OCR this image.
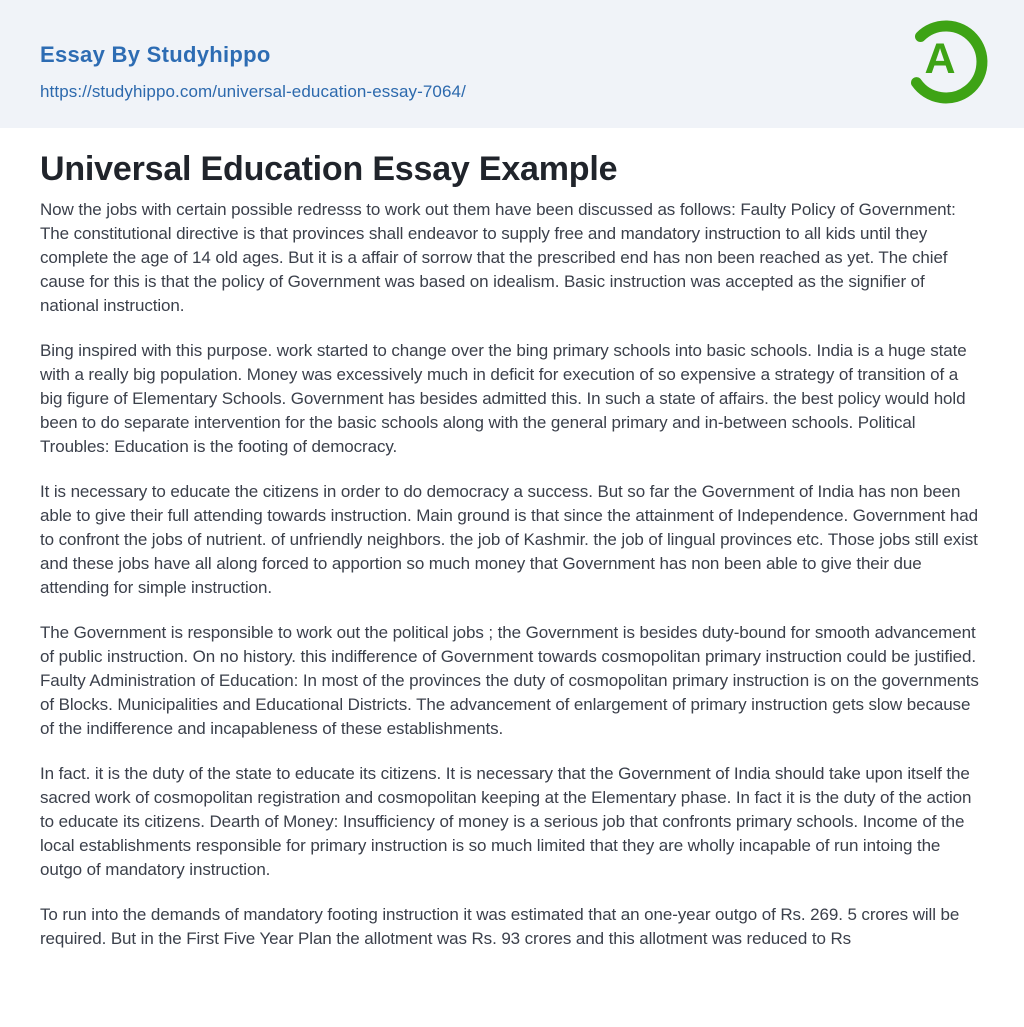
Essay By Studyhippo
https://studyhippo.com/universal-education-essay-7064/
A
Universal Education Essay Example

Now the jobs with certain possible redresss to work out them have been discussed as follows: Faulty Policy of Government: The constitutional directive is that provinces shall endeavor to supply free and mandatory instruction to all kids until they complete the age of 14 old ages. But it is a affair of sorrow that the prescribed end has non been reached as yet. The chief cause for this is that the policy of Government was based on idealism. Basic instruction was accepted as the signifier of national instruction.

Bing inspired with this purpose. work started to change over the bing primary schools into basic schools. India is a huge state with a really big population. Money was excessively much in deficit for execution of so expensive a strategy of transition of a big figure of Elementary Schools. Government has besides admitted this. In such a state of affairs. the best policy would hold been to do separate intervention for the basic schools along with the general primary and in-between schools. Political Troubles: Education is the footing of democracy.

It is necessary to educate the citizens in order to do democracy a success. But so far the Government of India has non been able to give their full attending towards instruction. Main ground is that since the attainment of Independence. Government had to confront the jobs of nutrient. of unfriendly neighbors. the job of Kashmir. the job of lingual provinces etc. Those jobs still exist and these jobs have all along forced to apportion so much money that Government has non been able to give their due attending for simple instruction.

The Government is responsible to work out the political jobs ; the Government is besides duty-bound for smooth advancement of public instruction. On no history. this indifference of Government towards cosmopolitan primary instruction could be justified. Faulty Administration of Education: In most of the provinces the duty of cosmopolitan primary instruction is on the governments of Blocks. Municipalities and Educational Districts. The advancement of enlargement of primary instruction gets slow because of the indifference and incapableness of these establishments.

In fact. it is the duty of the state to educate its citizens. It is necessary that the Government of India should take upon itself the sacred work of cosmopolitan registration and cosmopolitan keeping at the Elementary phase. In fact it is the duty of the action to educate its citizens. Dearth of Money: Insufficiency of money is a serious job that confronts primary schools. Income of the local establishments responsible for primary instruction is so much limited that they are wholly incapable of run intoing the outgo of mandatory instruction.

To run into the demands of mandatory footing instruction it was estimated that an one-year outgo of Rs. 269. 5 crores will be required. But in the First Five Year Plan the allotment was Rs. 93 crores and this allotment was reduced to Rs
